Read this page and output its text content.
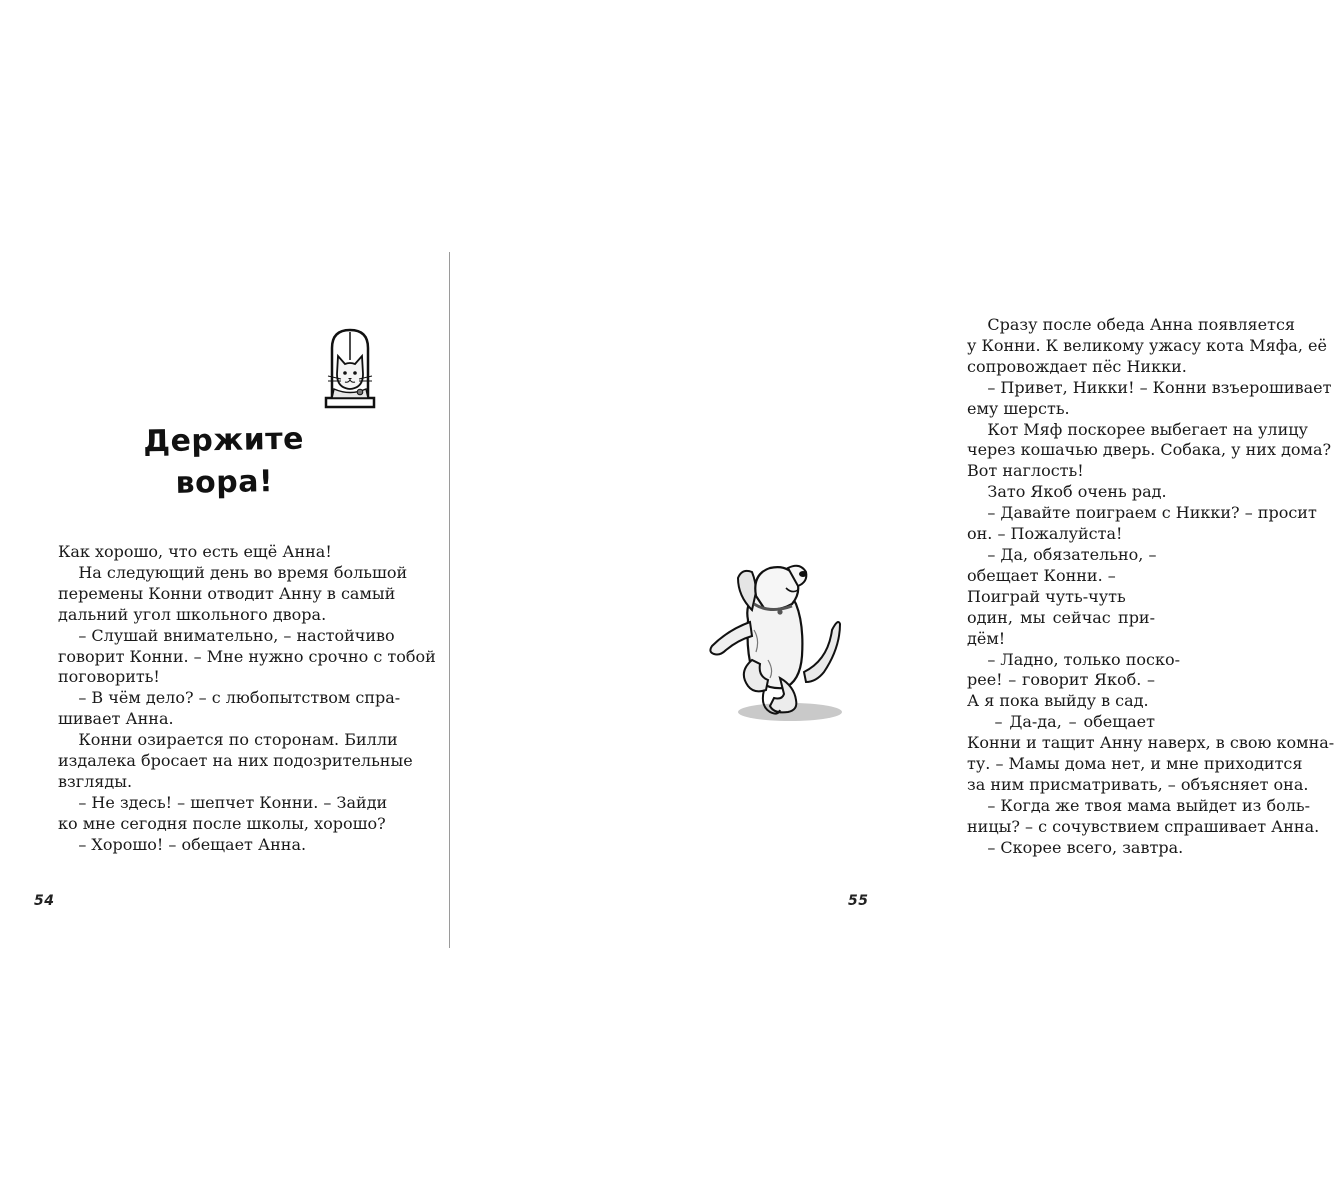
Держите
вора!

Как хорошо, что есть ещё Анна!

На следующий день во время большой

перемены Конни отводит Анну в самый

дальний угол школьного двора.

– Слушай внимательно, – настойчиво

говорит Конни. – Мне нужно срочно с тобой

поговорить!

– В чём дело? – с любопытством спра-

шивает Анна.

Конни озирается по сторонам. Билли

издалека бросает на них подозрительные

взгляды.

– Не здесь! – шепчет Конни. – Зайди

ко мне сегодня после школы, хорошо?

– Хорошо! – обещает Анна.

54

Сразу после обеда Анна появляется

у Конни. К великому ужасу кота Мяфа, её

сопровождает пёс Никки.

– Привет, Никки! – Конни взъерошивает

ему шерсть.

Кот Мяф поскорее выбегает на улицу

через кошачью дверь. Собака, у них дома?

Вот наглость!

Зато Якоб очень рад.

– Давайте поиграем с Никки? – просит

он. – Пожалуйста!

– Да, обязательно, –

обещает Конни. –

Поиграй чуть-чуть

один, мы сейчас при-

дём!

– Ладно, только поско-

рее! – говорит Якоб. –

А я пока выйду в сад.

– Да-да, – обещает

Конни и тащит Анну наверх, в свою комна-

ту. – Мамы дома нет, и мне приходится

за ним присматривать, – объясняет она.

– Когда же твоя мама выйдет из боль-

ницы? – с сочувствием спрашивает Анна.

– Скорее всего, завтра.

55
